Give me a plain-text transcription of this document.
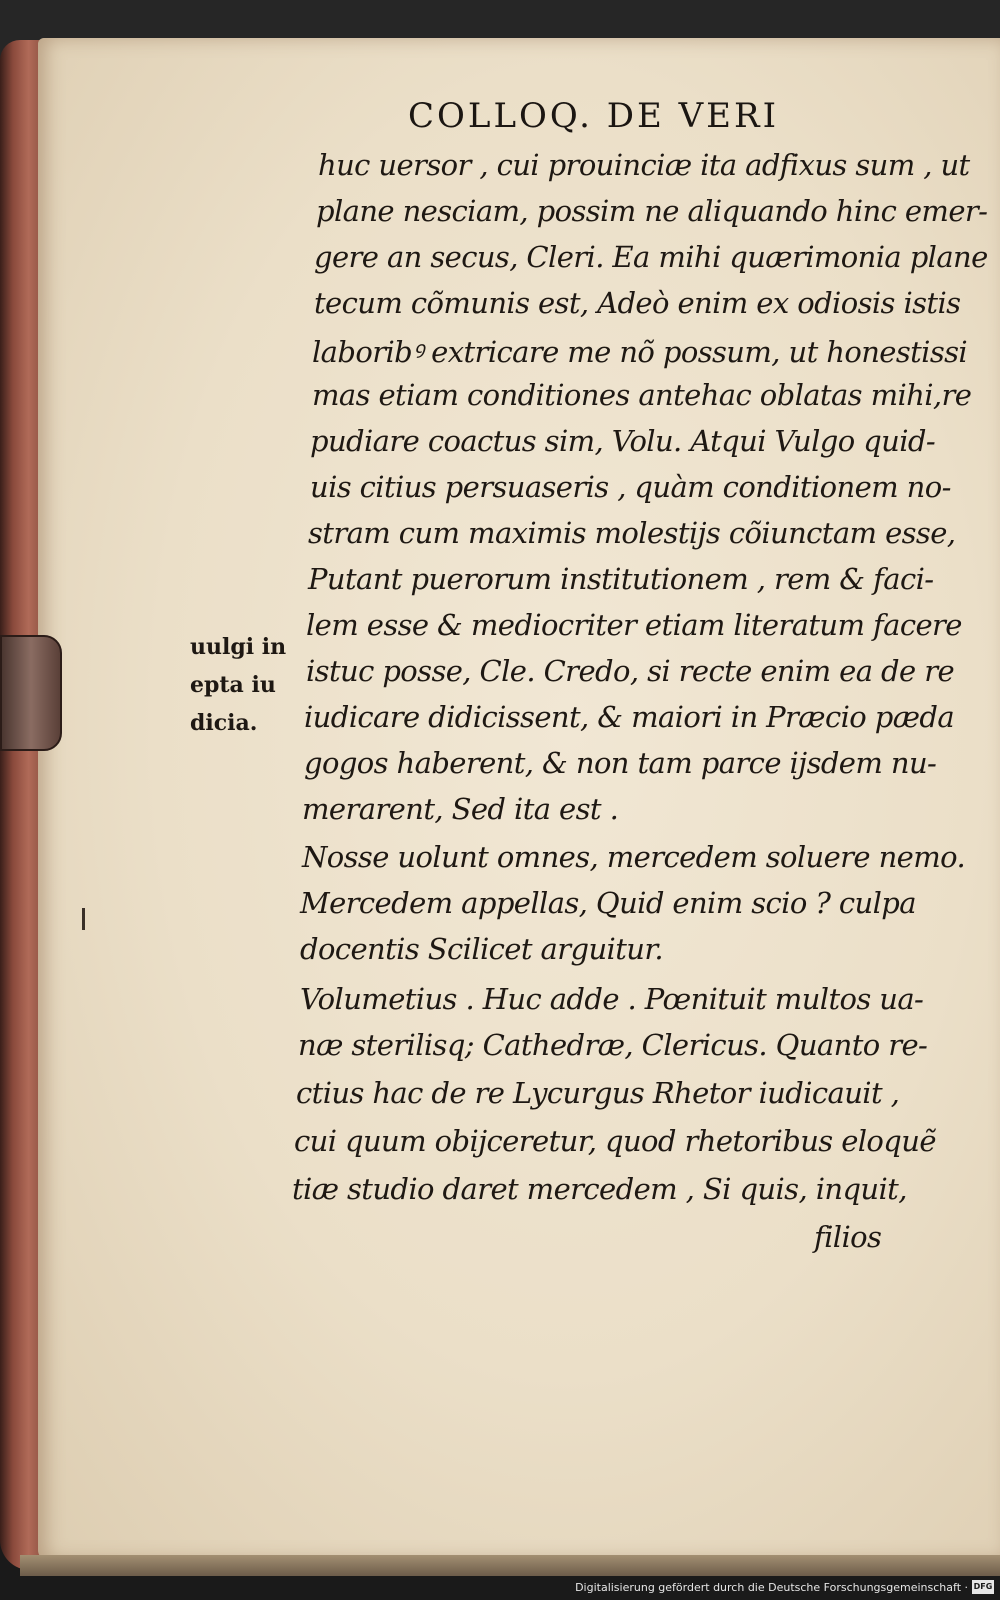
COLLOQ. DE VERI
huc uersor , cui prouinciæ ita adfixus sum , ut
plane nesciam, possim ne aliquando hinc emer-
gere an secus, Cleri. Ea mihi quærimonia plane
tecum cõmunis est, Adeò enim ex odiosis istis
laboribꝰ extricare me nõ possum, ut honestissi
mas etiam conditiones antehac oblatas mihi,re
pudiare coactus sim, Volu. Atqui Vulgo quid-
uis citius persuaseris , quàm conditionem no-
stram cum maximis molestijs cõiunctam esse,
Putant puerorum institutionem , rem & faci-
lem esse & mediocriter etiam literatum facere
istuc posse, Cle. Credo, si recte enim ea de re
iudicare didicissent, & maiori in Præcio pæda
gogos haberent, & non tam parce ijsdem nu-
merarent, Sed ita est .
Nosse uolunt omnes, mercedem soluere nemo.
Mercedem appellas, Quid enim scio ? culpa
docentis Scilicet arguitur.
Volumetius . Huc adde . Pœnituit multos ua-
næ sterilisq; Cathedræ, Clericus. Quanto re-
ctius hac de re Lycurgus Rhetor iudicauit ,
cui quum obijceretur, quod rhetoribus eloquẽ
tiæ studio daret mercedem , Si quis, inquit,
filios
uulgi in
epta iu
dicia.
Digitalisierung gefördert durch die Deutsche Forschungsgemeinschaft · DFG
